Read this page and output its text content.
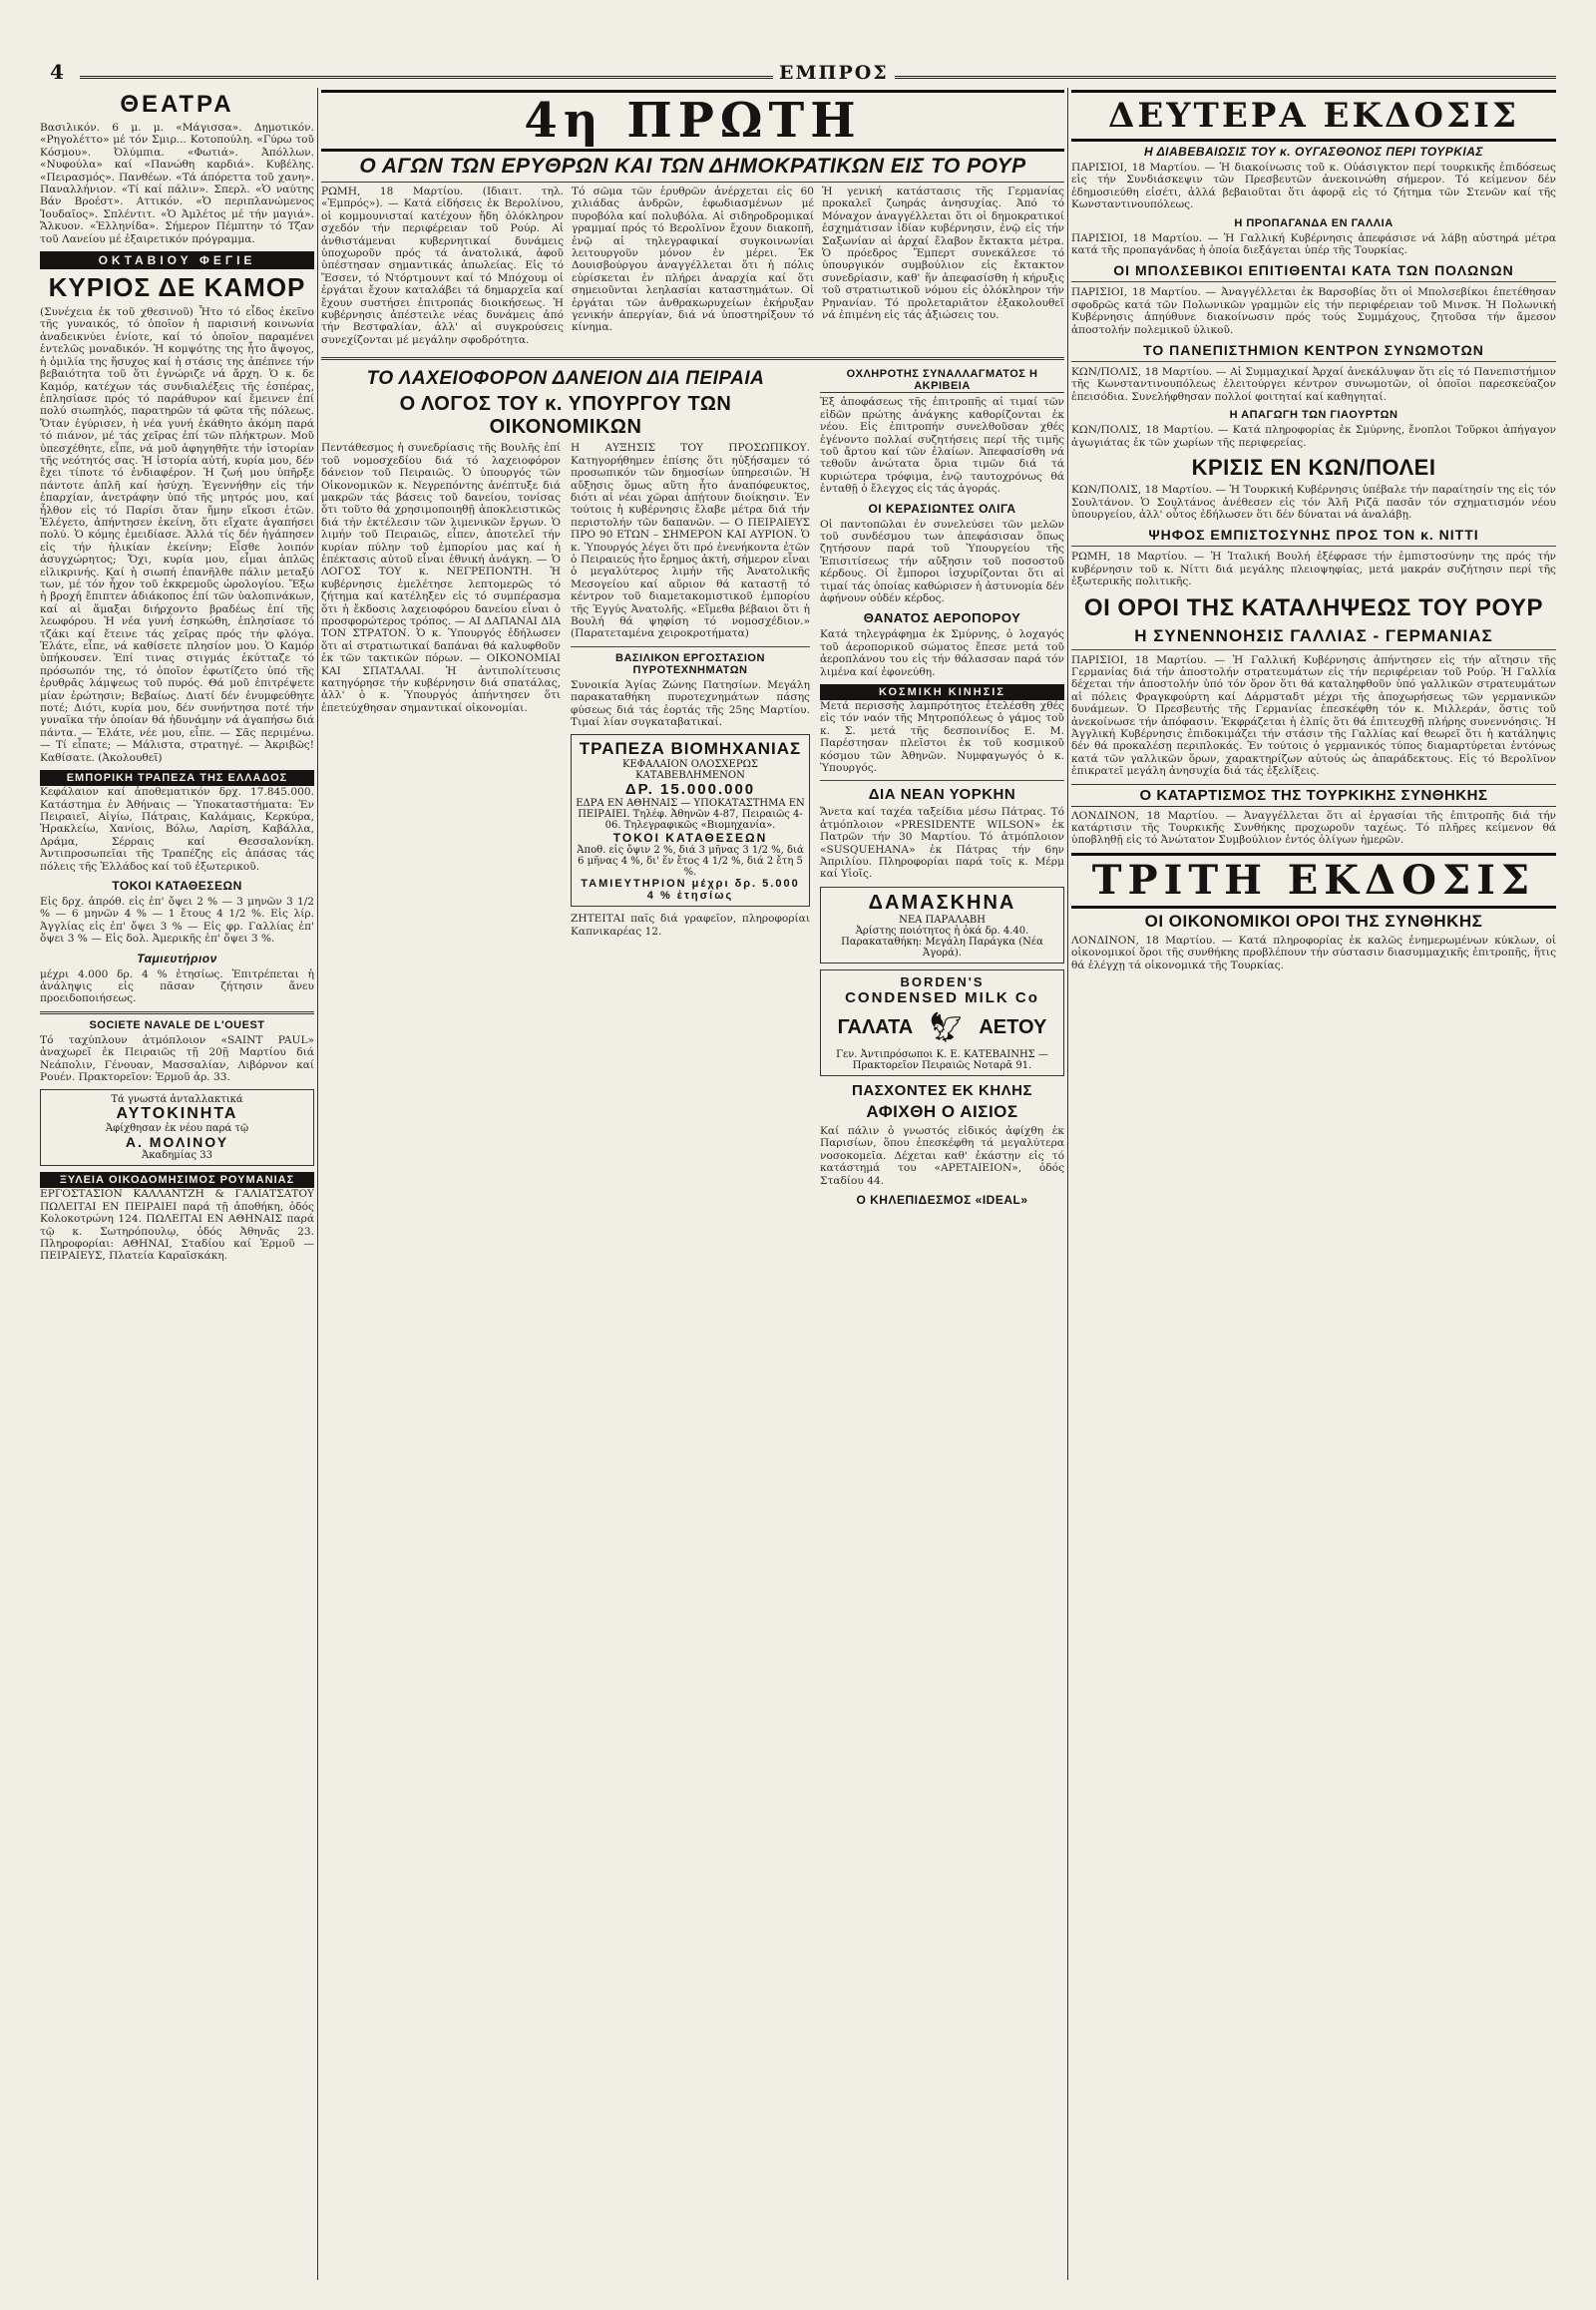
4	ΕΜΠΡΟΣ
ΘΕΑΤΡΑ

Βασιλικόν. 6 μ. μ. «Μάγισσα». Δημοτικόν. «Ρηγολέττο» μέ τόν Σμιρ... Κοτοπούλη. «Γύρω τοῦ Κόσμου». Ὀλύμπια. «Φωτιά». Ἀπόλλων. «Νυφούλα» καί «Πανώθη καρδιά». Κυβέλης. «Πειρασμός». Πανθέων. «Τά άπόρεττα τοῦ χανη». Παναλλήνιον. «Τί καί πάλιν». Σπερλ. «Ὁ ναύτης Βάν Βροέστ». Αττικόν. «Ὁ περιπλανώμενος Ἰουδαῖος». Σπλέντιτ. «Ὁ Ἀμλέτος μέ τήν μαγιά». Ἄλκυον. «Ἑλληνίδα». Σήμερον Πέμπτην τό Τζαν τοῦ Λανείου μέ ἐξαιρετικόν πρόγραμμα.

ΟΚΤΑΒΙΟΥ ΦΕΓΙΕ
ΚΥΡΙΟΣ ΔΕ ΚΑΜΟΡ

(Συνέχεια ἐκ τοῦ χθεσινοῦ) Ἦτο τό εἶδος ἐκεῖνο τῆς γυναικός, τό ὁποῖον ἡ παρισινή κοινωνία ἀναδεικνύει ἐνίοτε, καί τό ὁποῖον παραμένει ἐντελῶς μοναδικόν. Ἡ κομψότης της ἦτο ἄψογος, ἡ ὁμιλία της ἥσυχος καί ἡ στάσις της ἀπέπνεε τήν βεβαιότητα τοῦ ὅτι ἐγνώριζε νά ἄρχη. Ὁ κ. δε Καμόρ, κατέχων τάς συνδιαλέξεις τῆς ἐσπέρας, ἐπλησίασε πρός τό παράθυρον καί ἔμεινεν ἐπί πολύ σιωπηλός, παρατηρῶν τά φῶτα τῆς πόλεως. Ὅταν ἐγύρισεν, ἡ νέα γυνή ἐκάθητο ἀκόμη παρά τό πιάνον, μέ τάς χεῖρας ἐπί τῶν πλήκτρων. Μοῦ ὑπεσχέθητε, εἶπε, νά μοῦ ἀφηγηθῆτε τήν ἱστορίαν τῆς νεότητός σας. Ἡ ἱστορία αὐτή, κυρία μου, δέν ἔχει τίποτε τό ἐνδιαφέρον. Ἡ ζωή μου ὑπῆρξε πάντοτε ἁπλῆ καί ἡσύχη. Ἐγεννήθην εἰς τήν ἐπαρχίαν, ἀνετράφην ὑπό τῆς μητρός μου, καί ἦλθον εἰς τό Παρίσι ὅταν ἤμην εἴκοσι ἐτῶν. Ἐλέγετο, ἀπήντησεν ἐκείνη, ὅτι εἴχατε ἀγαπήσει πολύ. Ὁ κόμης ἐμειδίασε. Ἀλλά τίς δέν ἠγάπησεν εἰς τήν ἡλικίαν ἐκείνην; Εἶσθε λοιπόν ἀσυγχώρητος; Ὄχι, κυρία μου, εἶμαι ἁπλῶς εἰλικρινής. Καί ἡ σιωπή ἐπανῆλθε πάλιν μεταξύ των, μέ τόν ἦχον τοῦ ἐκκρεμοῦς ὡρολογίου. Ἔξω ἡ βροχή ἔπιπτεν ἀδιάκοπος ἐπί τῶν ὑαλοπινάκων, καί αἱ ἅμαξαι διήρχοντο βραδέως ἐπί τῆς λεωφόρου. Ἡ νέα γυνή ἐσηκώθη, ἐπλησίασε τό τζάκι καί ἔτεινε τάς χεῖρας πρός τήν φλόγα. Ἐλάτε, εἶπε, νά καθίσετε πλησίον μου. Ὁ Καμόρ ὑπήκουσεν. Ἐπί τινας στιγμάς ἐκύτταζε τό πρόσωπόν της, τό ὁποῖον ἐφωτίζετο ὑπό τῆς ἐρυθρᾶς λάμψεως τοῦ πυρός. Θά μοῦ ἐπιτρέψετε μίαν ἐρώτησιν; Βεβαίως. Διατί δέν ἐνυμφεύθητε ποτέ; Διότι, κυρία μου, δέν συνήντησα ποτέ τήν γυναῖκα τήν ὁποίαν θά ἠδυνάμην νά ἀγαπήσω διά πάντα. — Ἐλάτε, νέε μου, εἶπε. — Σᾶς περιμένω. — Τί εἶπατε; — Μάλιστα, στρατηγέ. — Ἀκριβῶς! Καθίσατε. (Ἀκολουθεῖ)

ΕΜΠΟΡΙΚΗ ΤΡΑΠΕΖΑ ΤΗΣ ΕΛΛΑΔΟΣ

Κεφάλαιον καί ἀποθεματικόν δρχ. 17.845.000. Κατάστημα ἐν Ἀθήναις — Ὑποκαταστήματα: Ἐν Πειραιεῖ, Αἰγίω, Πάτραις, Καλάμαις, Κερκύρα, Ἡρακλείω, Χανίοις, Βόλω, Λαρίση, Καβάλλα, Δράμα, Σέρραις καί Θεσσαλονίκη. Ἀντιπροσωπεῖαι τῆς Τραπέζης εἰς ἁπάσας τάς πόλεις τῆς Ἑλλάδος καί τοῦ ἐξωτερικοῦ.

ΤΟΚΟΙ ΚΑΤΑΘΕΣΕΩΝ

Εἰς δρχ. ἀπρόθ. εἰς ἐπ' ὄψει 2 % — 3 μηνῶν 3 1/2 % — 6 μηνῶν 4 % — 1 ἔτους 4 1/2 %. Εἰς λίρ. Ἀγγλίας εἰς ἐπ' ὄψει 3 % — Εἰς φρ. Γαλλίας ἐπ' ὄψει 3 % — Εἰς δολ. Ἀμερικῆς ἐπ' ὄψει 3 %.

Ταμιευτήριον

μέχρι 4.000 δρ. 4 % ἐτησίως. Ἐπιτρέπεται ἡ ἀνάληψις εἰς πᾶσαν ζήτησιν ἄνευ προειδοποιήσεως.

SOCIETE NAVALE DE L'OUEST

Τό ταχύπλουν ἀτμόπλοιον «SAINT PAUL» ἀναχωρεῖ ἐκ Πειραιῶς τῇ 20ῇ Μαρτίου διά Νεάπολιν, Γένουαν, Μασσαλίαν, Λιβόρνον καί Ρουέν. Πρακτορεῖον: Ἑρμοῦ ἀρ. 33.

Τά γνωστά ἀνταλλακτικά
ΑΥΤΟΚΙΝΗΤΑ
Ἀφίχθησαν ἐκ νέου παρά τῷ
Α. ΜΟΛΙΝΟΥ
Ἀκαδημίας 33
ΞΥΛΕΙΑ ΟΙΚΟΔΟΜΗΣΙΜΟΣ ΡΟΥΜΑΝΙΑΣ

ΕΡΓΟΣΤΑΣΙΟΝ ΚΑΛΛΑΝΤΖΗ & ΓΑΛΙΑΤΣΑΤΟΥ ΠΩΛΕΙΤΑΙ ΕΝ ΠΕΙΡΑΙΕΙ παρά τῇ ἀποθήκη, ὁδός Κολοκοτρώνη 124. ΠΩΛΕΙΤΑΙ ΕΝ ΑΘΗΝΑΙΣ παρά τῷ κ. Σωτηρόπουλῳ, ὁδός Ἀθηνᾶς 23. Πληροφορίαι: ΑΘΗΝΑΙ, Σταδίου καί Ἑρμοῦ — ΠΕΙΡΑΙΕΥΣ, Πλατεία Καραϊσκάκη.

4η ΠΡΩΤΗ
Ο ΑΓΩΝ ΤΩΝ ΕΡΥΘΡΩΝ ΚΑΙ ΤΩΝ ΔΗΜΟΚΡΑΤΙΚΩΝ ΕΙΣ ΤΟ ΡΟΥΡ

ΡΩΜΗ, 18 Μαρτίου. (Ιδιαιτ. τηλ. «Ἐμπρός»). — Κατά εἰδήσεις ἐκ Βερολίνου, οἱ κομμουνισταί κατέχουν ἤδη ὁλόκληρον σχεδόν τήν περιφέρειαν τοῦ Ρούρ. Αἱ ἀνθιστάμεναι κυβερνητικαί δυνάμεις ὑποχωροῦν πρός τά ἀνατολικά, ἀφοῦ ὑπέστησαν σημαντικάς ἀπωλείας. Εἰς τό Ἔσσεν, τό Ντόρτμουντ καί τό Μπόχουμ οἱ ἐργάται ἔχουν καταλάβει τά δημαρχεῖα καί ἔχουν συστήσει ἐπιτροπάς διοικήσεως. Ἡ κυβέρνησις ἀπέστειλε νέας δυνάμεις ἀπό τήν Βεστφαλίαν, ἀλλ' αἱ συγκρούσεις συνεχίζονται μέ μεγάλην σφοδρότητα.

Τό σῶμα τῶν ἐρυθρῶν ἀνέρχεται εἰς 60 χιλιάδας ἀνδρῶν, ἐφωδιασμένων μέ πυροβόλα καί πολυβόλα. Αἱ σιδηροδρομικαί γραμμαί πρός τό Βερολῖνον ἔχουν διακοπῆ, ἐνῷ αἱ τηλεγραφικαί συγκοινωνίαι λειτουργοῦν μόνον ἐν μέρει. Ἐκ Δουισβούργου ἀναγγέλλεται ὅτι ἡ πόλις εὑρίσκεται ἐν πλήρει ἀναρχία καί ὅτι σημειοῦνται λεηλασίαι καταστημάτων. Οἱ ἐργάται τῶν ἀνθρακωρυχείων ἐκήρυξαν γενικήν ἀπεργίαν, διά νά ὑποστηρίξουν τό κίνημα.

Ἡ γενική κατάστασις τῆς Γερμανίας προκαλεῖ ζωηράς ἀνησυχίας. Ἀπό τό Μόναχον ἀναγγέλλεται ὅτι οἱ δημοκρατικοί ἐσχημάτισαν ἰδίαν κυβέρνησιν, ἐνῷ εἰς τήν Σαξωνίαν αἱ ἀρχαί ἔλαβον ἔκτακτα μέτρα. Ὁ πρόεδρος Ἔμπερτ συνεκάλεσε τό ὑπουργικόν συμβούλιον εἰς ἔκτακτον συνεδρίασιν, καθ' ἥν ἀπεφασίσθη ἡ κήρυξις τοῦ στρατιωτικοῦ νόμου εἰς ὁλόκληρον τήν Ρηνανίαν. Τό προλεταριᾶτον ἐξακολουθεῖ νά ἐπιμένη εἰς τάς ἀξιώσεις του.

ΤΟ ΛΑΧΕΙΟΦΟΡΟΝ ΔΑΝΕΙΟΝ ΔΙΑ ΠΕΙΡΑΙΑ
Ο ΛΟΓΟΣ ΤΟΥ κ. ΥΠΟΥΡΓΟΥ ΤΩΝ ΟΙΚΟΝΟΜΙΚΩΝ

Πεντάθεσμος ἡ συνεδρίασις τῆς Βουλῆς ἐπί τοῦ νομοσχεδίου διά τό λαχειοφόρον δάνειον τοῦ Πειραιῶς. Ὁ ὑπουργός τῶν Οἰκονομικῶν κ. Νεγρεπόντης ἀνέπτυξε διά μακρῶν τάς βάσεις τοῦ δανείου, τονίσας ὅτι τοῦτο θά χρησιμοποιηθῇ ἀποκλειστικῶς διά τήν ἐκτέλεσιν τῶν λιμενικῶν ἔργων. Ὁ λιμήν τοῦ Πειραιῶς, εἶπεν, ἀποτελεῖ τήν κυρίαν πύλην τοῦ ἐμπορίου μας καί ἡ ἐπέκτασις αὐτοῦ εἶναι ἐθνική ἀνάγκη. — Ὁ ΛΟΓΟΣ ΤΟΥ κ. ΝΕΓΡΕΠΟΝΤΗ. Ἡ κυβέρνησις ἐμελέτησε λεπτομερῶς τό ζήτημα καί κατέληξεν εἰς τό συμπέρασμα ὅτι ἡ ἔκδοσις λαχειοφόρου δανείου εἶναι ὁ προσφορώτερος τρόπος. — ΑΙ ΔΑΠΑΝΑΙ ΔΙΑ ΤΟΝ ΣΤΡΑΤΟΝ. Ὁ κ. Ὑπουργός ἐδήλωσεν ὅτι αἱ στρατιωτικαί δαπάναι θά καλυφθοῦν ἐκ τῶν τακτικῶν πόρων. — ΟΙΚΟΝΟΜΙΑΙ ΚΑΙ ΣΠΑΤΑΛΑΙ. Ἡ ἀντιπολίτευσις κατηγόρησε τήν κυβέρνησιν διά σπατάλας, ἀλλ' ὁ κ. Ὑπουργός ἀπήντησεν ὅτι ἐπετεύχθησαν σημαντικαί οἰκονομίαι.

Η ΑΥΞΗΣΙΣ ΤΟΥ ΠΡΟΣΩΠΙΚΟΥ. Κατηγορήθημεν ἐπίσης ὅτι ηὐξήσαμεν τό προσωπικόν τῶν δημοσίων ὑπηρεσιῶν. Ἡ αὔξησις ὅμως αὕτη ἦτο ἀναπόφευκτος, διότι αἱ νέαι χῶραι ἀπῄτουν διοίκησιν. Ἐν τούτοις ἡ κυβέρνησις ἔλαβε μέτρα διά τήν περιστολήν τῶν δαπανῶν. — Ο ΠΕΙΡΑΙΕΥΣ ΠΡΟ 90 ΕΤΩΝ – ΣΗΜΕΡΟΝ ΚΑΙ ΑΥΡΙΟΝ. Ὁ κ. Ὑπουργός λέγει ὅτι πρό ἐνενήκοντα ἐτῶν ὁ Πειραιεύς ἦτο ἔρημος ἀκτή, σήμερον εἶναι ὁ μεγαλύτερος λιμήν τῆς Ἀνατολικῆς Μεσογείου καί αὔριον θά καταστῇ τό κέντρον τοῦ διαμετακομιστικοῦ ἐμπορίου τῆς Ἐγγύς Ἀνατολῆς. «Εἴμεθα βέβαιοι ὅτι ἡ Βουλή θά ψηφίση τό νομοσχέδιον.» (Παρατεταμένα χειροκροτήματα)

ΒΑΣΙΛΙΚΟΝ ΕΡΓΟΣΤΑΣΙΟΝ ΠΥΡΟΤΕΧΝΗΜΑΤΩΝ

Συνοικία Ἁγίας Ζώνης Πατησίων. Μεγάλη παρακαταθήκη πυροτεχνημάτων πάσης φύσεως διά τάς ἑορτάς τῆς 25ης Μαρτίου. Τιμαί λίαν συγκαταβατικαί.

ΤΡΑΠΕΖΑ ΒΙΟΜΗΧΑΝΙΑΣ
ΚΕΦΑΛΑΙΟΝ ΟΛΟΣΧΕΡΩΣ ΚΑΤΑΒΕΒΛΗΜΕΝΟΝ
ΔΡ. 15.000.000
ΕΔΡΑ ΕΝ ΑΘΗΝΑΙΣ — ΥΠΟΚΑΤΑΣΤΗΜΑ ΕΝ ΠΕΙΡΑΙΕΙ. Τηλέφ. Ἀθηνῶν 4-87, Πειραιῶς 4-06. Τηλεγραφικῶς «Βιομηχανία».
ΤΟΚΟΙ ΚΑΤΑΘΕΣΕΩΝ
Ἀποθ. εἰς ὄψιν 2 %, διά 3 μῆνας 3 1/2 %, διά 6 μῆνας 4 %, δι' ἕν ἔτος 4 1/2 %, διά 2 ἔτη 5 %.
ΤΑΜΙΕΥΤΗΡΙΟΝ μέχρι δρ. 5.000 4 % ἐτησίως

ΖΗΤΕΙΤΑΙ παῖς διά γραφεῖον, πληροφορίαι Καπνικαρέας 12.

ΟΧΛΗΡΟΤΗΣ ΣΥΝΑΛΛΑΓΜΑΤΟΣ Η ΑΚΡΙΒΕΙΑ

Ἐξ ἀποφάσεως τῆς ἐπιτροπῆς αἱ τιμαί τῶν εἰδῶν πρώτης ἀνάγκης καθορίζονται ἐκ νέου. Εἰς ἐπιτροπήν συνελθοῦσαν χθές ἐγένοντο πολλαί συζητήσεις περί τῆς τιμῆς τοῦ ἄρτου καί τῶν ἐλαίων. Ἀπεφασίσθη νά τεθοῦν ἀνώτατα ὅρια τιμῶν διά τά κυριώτερα τρόφιμα, ἐνῷ ταυτοχρόνως θά ἐνταθῇ ὁ ἔλεγχος εἰς τάς ἀγοράς.

ΟΙ ΚΕΡΑΣΙΩΝΤΕΣ ΟΛΙΓΑ

Οἱ παντοπῶλαι ἐν συνελεύσει τῶν μελῶν τοῦ συνδέσμου των ἀπεφάσισαν ὅπως ζητήσουν παρά τοῦ Ὑπουργείου τῆς Ἐπισιτίσεως τήν αὔξησιν τοῦ ποσοστοῦ κέρδους. Οἱ ἔμποροι ἰσχυρίζονται ὅτι αἱ τιμαί τάς ὁποίας καθώρισεν ἡ ἀστυνομία δέν ἀφήνουν οὐδέν κέρδος.

ΘΑΝΑΤΟΣ ΑΕΡΟΠΟΡΟΥ

Κατά τηλεγράφημα ἐκ Σμύρνης, ὁ λοχαγός τοῦ ἀεροπορικοῦ σώματος ἔπεσε μετά τοῦ ἀεροπλάνου του εἰς τήν θάλασσαν παρά τόν λιμένα καί ἐφονεύθη.

ΚΟΣΜΙΚΗ ΚΙΝΗΣΙΣ

Μετά περισσῆς λαμπρότητος ἐτελέσθη χθές εἰς τόν ναόν τῆς Μητροπόλεως ὁ γάμος τοῦ κ. Σ. μετά τῆς δεσποινίδος Ε. Μ. Παρέστησαν πλεῖστοι ἐκ τοῦ κοσμικοῦ κόσμου τῶν Ἀθηνῶν. Νυμφαγωγός ὁ κ. Ὑπουργός.

ΔΙΑ ΝΕΑΝ ΥΟΡΚΗΝ

Ἄνετα καί ταχέα ταξείδια μέσω Πάτρας. Τό ἀτμόπλοιον «PRESIDENTE WILSON» ἐκ Πατρῶν τήν 30 Μαρτίου. Τό ἀτμόπλοιον «SUSQUEHANA» ἐκ Πάτρας τήν 6ην Ἀπριλίου. Πληροφορίαι παρά τοῖς κ. Μέρμ καί Υἱοῖς.

ΔΑΜΑΣΚΗΝΑ
ΝΕΑ ΠΑΡΑΛΑΒΗ
Ἀρίστης ποιότητος ἡ ὀκά δρ. 4.40. Παρακαταθήκη: Μεγάλη Παράγκα (Νέα Ἀγορά).
BORDEN'S
CONDENSED MILK Co
ΓΑΛΑΤΑ 🦅︎ ΑΕΤΟΥ
Γεν. Ἀντιπρόσωποι Κ. Ε. ΚΑΤΕΒΑΙΝΗΣ — Πρακτορεῖον Πειραιῶς Νοταρᾶ 91.
ΠΑΣΧΟΝΤΕΣ ΕΚ ΚΗΛΗΣ
ΑΦΙΧΘΗ Ο ΑΙΣΙΟΣ

Καί πάλιν ὁ γνωστός εἰδικός ἀφίχθη ἐκ Παρισίων, ὅπου ἐπεσκέφθη τά μεγαλύτερα νοσοκομεῖα. Δέχεται καθ' ἑκάστην εἰς τό κατάστημά του «ΑΡΕΤΑΙΕΙΟΝ», ὁδός Σταδίου 44.

Ο ΚΗΛΕΠΙΔΕΣΜΟΣ «IDEAL»
ΔΕΥΤΕΡΑ ΕΚΔΟΣΙΣ
Η ΔΙΑΒΕΒΑΙΩΣΙΣ ΤΟΥ κ. ΟΥΓΑΣΘΟΝΟΣ ΠΕΡΙ ΤΟΥΡΚΙΑΣ

ΠΑΡΙΣΙΟΙ, 18 Μαρτίου. — Ἡ διακοίνωσις τοῦ κ. Οὐάσιγκτον περί τουρκικῆς ἐπιδόσεως εἰς τήν Συνδιάσκεψιν τῶν Πρεσβευτῶν ἀνεκοινώθη σήμερον. Τό κείμενον δέν ἐδημοσιεύθη εἰσέτι, ἀλλά βεβαιοῦται ὅτι ἀφορᾷ εἰς τό ζήτημα τῶν Στενῶν καί τῆς Κωνσταντινουπόλεως.

Η ΠΡΟΠΑΓΑΝΔΑ ΕΝ ΓΑΛΛΙΑ

ΠΑΡΙΣΙΟΙ, 18 Μαρτίου. — Ἡ Γαλλική Κυβέρνησις ἀπεφάσισε νά λάβῃ αὐστηρά μέτρα κατά τῆς προπαγάνδας ἡ ὁποία διεξάγεται ὑπέρ τῆς Τουρκίας.

ΟΙ ΜΠΟΛΣΕΒΙΚΟΙ ΕΠΙΤΙΘΕΝΤΑΙ ΚΑΤΑ ΤΩΝ ΠΟΛΩΝΩΝ

ΠΑΡΙΣΙΟΙ, 18 Μαρτίου. — Ἀναγγέλλεται ἐκ Βαρσοβίας ὅτι οἱ Μπολσεβίκοι ἐπετέθησαν σφοδρῶς κατά τῶν Πολωνικῶν γραμμῶν εἰς τήν περιφέρειαν τοῦ Μινσκ. Ἡ Πολωνική Κυβέρνησις ἀπηύθυνε διακοίνωσιν πρός τούς Συμμάχους, ζητοῦσα τήν ἄμεσον ἀποστολήν πολεμικοῦ ὑλικοῦ.

ΤΟ ΠΑΝΕΠΙΣΤΗΜΙΟΝ ΚΕΝΤΡΟΝ ΣΥΝΩΜΟΤΩΝ

ΚΩΝ/ΠΟΛΙΣ, 18 Μαρτίου. — Αἱ Συμμαχικαί Ἀρχαί ἀνεκάλυψαν ὅτι εἰς τό Πανεπιστήμιον τῆς Κωνσταντινουπόλεως ἐλειτούργει κέντρον συνωμοτῶν, οἱ ὁποῖοι παρεσκεύαζον ἐπεισόδια. Συνελήφθησαν πολλοί φοιτηταί καί καθηγηταί.

Η ΑΠΑΓΩΓΗ ΤΩΝ ΓΙΑΟΥΡΤΩΝ

ΚΩΝ/ΠΟΛΙΣ, 18 Μαρτίου. — Κατά πληροφορίας ἐκ Σμύρνης, ἔνοπλοι Τοῦρκοι ἀπήγαγον ἀγωγιάτας ἐκ τῶν χωρίων τῆς περιφερείας.

ΚΡΙΣΙΣ ΕΝ ΚΩΝ/ΠΟΛΕΙ

ΚΩΝ/ΠΟΛΙΣ, 18 Μαρτίου. — Ἡ Τουρκική Κυβέρνησις ὑπέβαλε τήν παραίτησίν της εἰς τόν Σουλτάνον. Ὁ Σουλτάνος ἀνέθεσεν εἰς τόν Ἀλῆ Ριζᾶ πασᾶν τόν σχηματισμόν νέου ὑπουργείου, ἀλλ' οὗτος ἐδήλωσεν ὅτι δέν δύναται νά ἀναλάβῃ.

ΨΗΦΟΣ ΕΜΠΙΣΤΟΣΥΝΗΣ ΠΡΟΣ ΤΟΝ κ. ΝΙΤΤΙ

ΡΩΜΗ, 18 Μαρτίου. — Ἡ Ἰταλική Βουλή ἐξέφρασε τήν ἐμπιστοσύνην της πρός τήν κυβέρνησιν τοῦ κ. Νίττι διά μεγάλης πλειοψηφίας, μετά μακράν συζήτησιν περί τῆς ἐξωτερικῆς πολιτικῆς.

ΟΙ ΟΡΟΙ ΤΗΣ ΚΑΤΑΛΗΨΕΩΣ ΤΟΥ ΡΟΥΡ
Η ΣΥΝΕΝΝΟΗΣΙΣ ΓΑΛΛΙΑΣ - ΓΕΡΜΑΝΙΑΣ

ΠΑΡΙΣΙΟΙ, 18 Μαρτίου. — Ἡ Γαλλική Κυβέρνησις ἀπήντησεν εἰς τήν αἴτησιν τῆς Γερμανίας διά τήν ἀποστολήν στρατευμάτων εἰς τήν περιφέρειαν τοῦ Ρούρ. Ἡ Γαλλία δέχεται τήν ἀποστολήν ὑπό τόν ὅρον ὅτι θά καταληφθοῦν ὑπό γαλλικῶν στρατευμάτων αἱ πόλεις Φραγκφούρτη καί Δάρμσταδτ μέχρι τῆς ἀποχωρήσεως τῶν γερμανικῶν δυνάμεων. Ὁ Πρεσβευτής τῆς Γερμανίας ἐπεσκέφθη τόν κ. Μιλλεράν, ὅστις τοῦ ἀνεκοίνωσε τήν ἀπόφασιν. Ἐκφράζεται ἡ ἐλπίς ὅτι θά ἐπιτευχθῇ πλήρης συνεννόησις. Ἡ Ἀγγλική Κυβέρνησις ἐπιδοκιμάζει τήν στάσιν τῆς Γαλλίας καί θεωρεῖ ὅτι ἡ κατάληψις δέν θά προκαλέσῃ περιπλοκάς. Ἐν τούτοις ὁ γερμανικός τύπος διαμαρτύρεται ἐντόνως κατά τῶν γαλλικῶν ὅρων, χαρακτηρίζων αὐτούς ὡς ἀπαράδεκτους. Εἰς τό Βερολῖνον ἐπικρατεῖ μεγάλη ἀνησυχία διά τάς ἐξελίξεις.

Ο ΚΑΤΑΡΤΙΣΜΟΣ ΤΗΣ ΤΟΥΡΚΙΚΗΣ ΣΥΝΘΗΚΗΣ

ΛΟΝΔΙΝΟΝ, 18 Μαρτίου. — Ἀναγγέλλεται ὅτι αἱ ἐργασίαι τῆς ἐπιτροπῆς διά τήν κατάρτισιν τῆς Τουρκικῆς Συνθήκης προχωροῦν ταχέως. Τό πλῆρες κείμενον θά ὑποβληθῇ εἰς τό Ἀνώτατον Συμβούλιον ἐντός ὀλίγων ἡμερῶν.

ΤΡΙΤΗ ΕΚΔΟΣΙΣ
ΟΙ ΟΙΚΟΝΟΜΙΚΟΙ ΟΡΟΙ ΤΗΣ ΣΥΝΘΗΚΗΣ

ΛΟΝΔΙΝΟΝ, 18 Μαρτίου. — Κατά πληροφορίας ἐκ καλῶς ἐνημερωμένων κύκλων, οἱ οἰκονομικοί ὅροι τῆς συνθήκης προβλέπουν τήν σύστασιν διασυμμαχικῆς ἐπιτροπῆς, ἥτις θά ἐλέγχῃ τά οἰκονομικά τῆς Τουρκίας.
